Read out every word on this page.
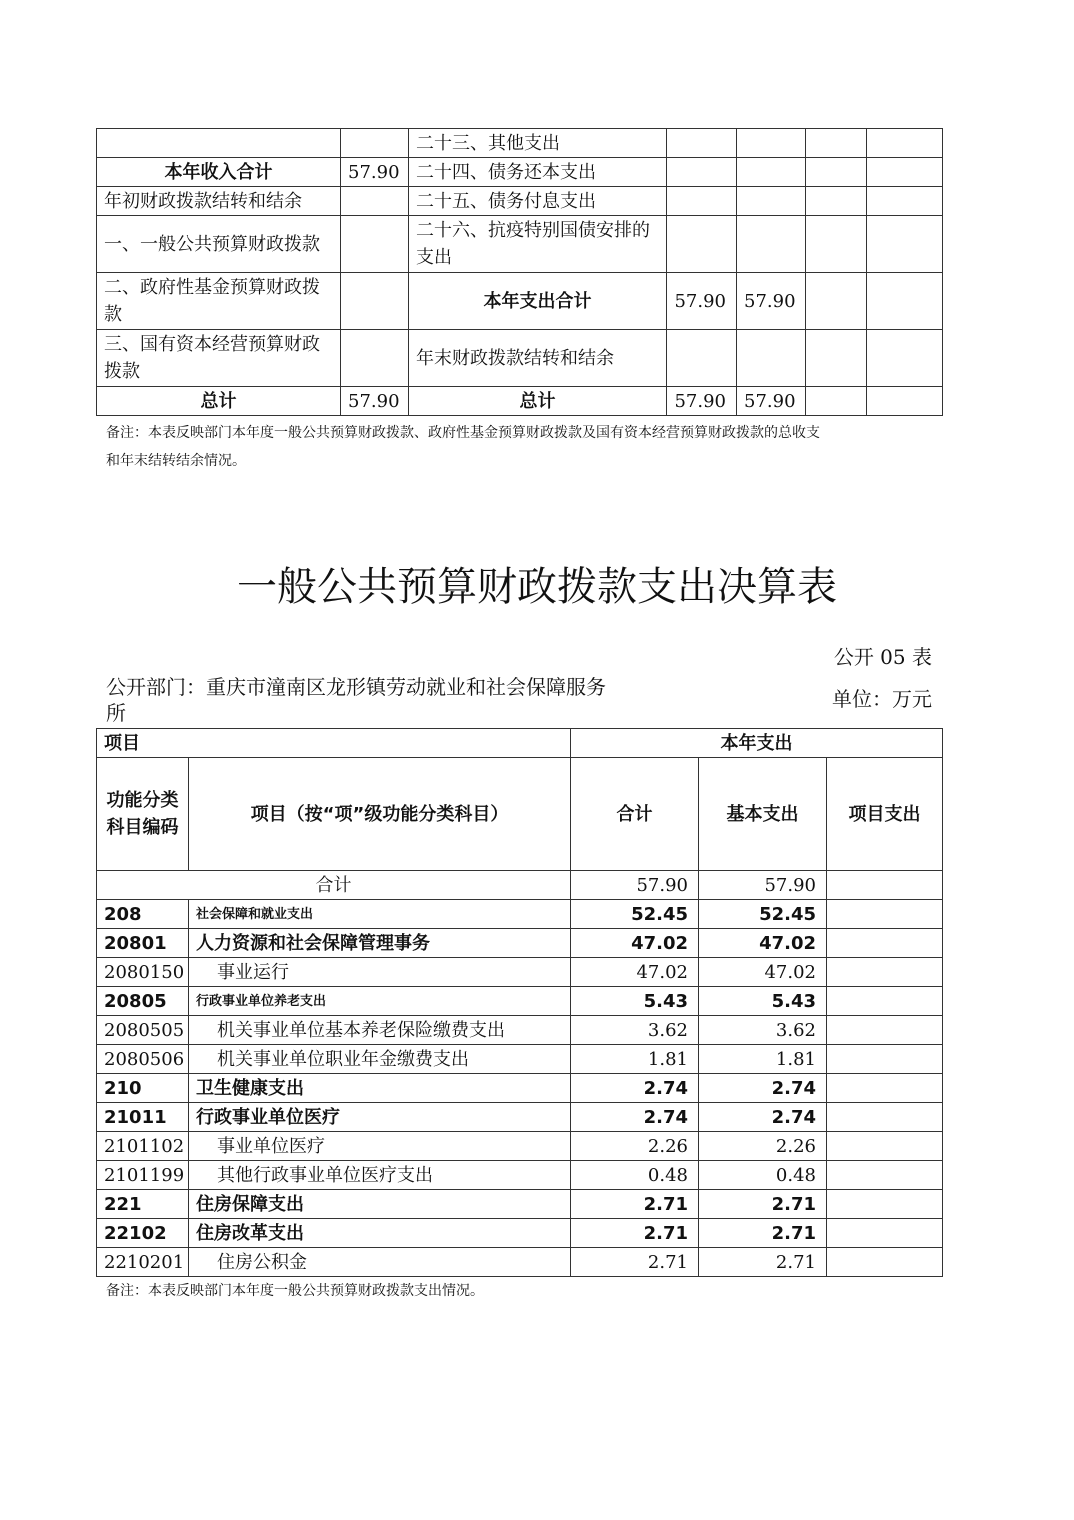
		二十三、其他支出				
本年收入合计	57.90	二十四、债务还本支出				
年初财政拨款结转和结余		二十五、债务付息支出				
一、一般公共预算财政拨款		二十六、抗疫特别国债安排的支出				
二、政府性基金预算财政拨款		本年支出合计	57.90	57.90		
三、国有资本经营预算财政拨款		年末财政拨款结转和结余				
总计	57.90	总计	57.90	57.90		
备注：本表反映部门本年度一般公共预算财政拨款、政府性基金预算财政拨款及国有资本经营预算财政拨款的总收支
和年末结转结余情况。
一般公共预算财政拨款支出决算表
公开 05 表
公开部门：重庆市潼南区龙形镇劳动就业和社会保障服务
所
单位：万元
项目		本年支出		
功能分类科目编码	项目（按“项”级功能分类科目）	合计	基本支出	项目支出
合计		57.90	57.90	
208	社会保障和就业支出	52.45	52.45	
20801	人力资源和社会保障管理事务	47.02	47.02	
2080150	事业运行	47.02	47.02	
20805	行政事业单位养老支出	5.43	5.43	
2080505	机关事业单位基本养老保险缴费支出	3.62	3.62	
2080506	机关事业单位职业年金缴费支出	1.81	1.81	
210	卫生健康支出	2.74	2.74	
21011	行政事业单位医疗	2.74	2.74	
2101102	事业单位医疗	2.26	2.26	
2101199	其他行政事业单位医疗支出	0.48	0.48	
221	住房保障支出	2.71	2.71	
22102	住房改革支出	2.71	2.71	
2210201	住房公积金	2.71	2.71	
备注：本表反映部门本年度一般公共预算财政拨款支出情况。
